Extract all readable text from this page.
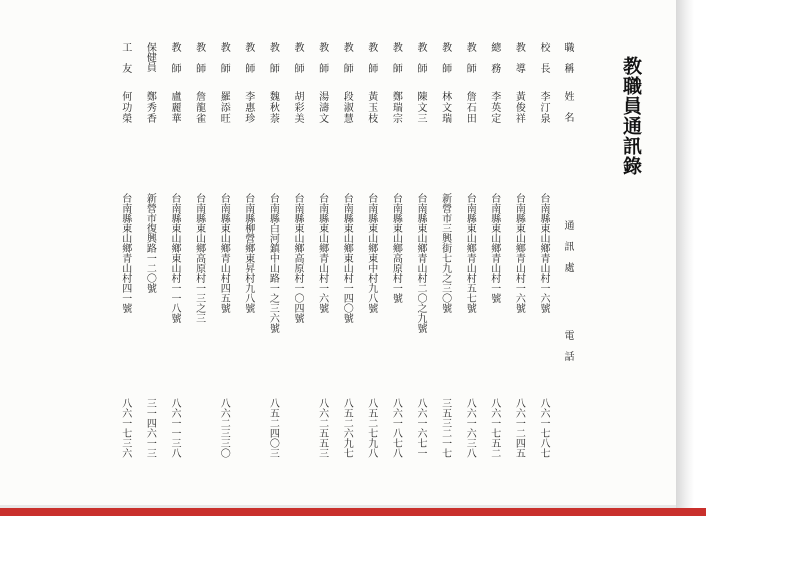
教職員通訊錄
職 稱
姓 名
通 訊 處
電 話
校 長
李汀泉
台南縣東山鄉青山村一六號
八六一七八七
教 導
黃俊祥
台南縣東山鄉青山村一六號
八六一二四五
總 務
李英定
台南縣東山鄉青山村一號
八六一七五二
教 師
詹石田
台南縣東山鄉青山村五七號
八六一六三八
教 師
林文瑞
新營市三興街七九之三〇號
三五三二一七
教 師
陳文三
台南縣東山鄉青山村二〇之九號
八六一六七一
教 師
鄭瑞宗
台南縣東山鄉高原村一號
八六一八七八
教 師
黃玉枝
台南縣東山鄉東中村九八號
八五二七九八
教 師
段淑慧
台南縣東山鄉東山村一四〇號
八五二六九七
教 師
湯濤文
台南縣東山鄉青山村一六號
八六二五五三
教 師
胡彩美
台南縣東山鄉高原村一〇四號
教 師
魏秋萘
台南縣白河鎮中山路一之三六號
八五二四〇三
教 師
李惠珍
台南縣柳營鄉東昇村九八號
教 師
羅添旺
台南縣東山鄉青山村四五號
八六二三三〇
教 師
詹龍雀
台南縣東山鄉高原村一三之三
教 師
盧麗華
台南縣東山鄉東山村一一八號
八六一一三八
保健員
鄭秀香
新營市復興路一二〇號
三一四六一三
工 友
何功榮
台南縣東山鄉青山村四一號
八六一七三六
